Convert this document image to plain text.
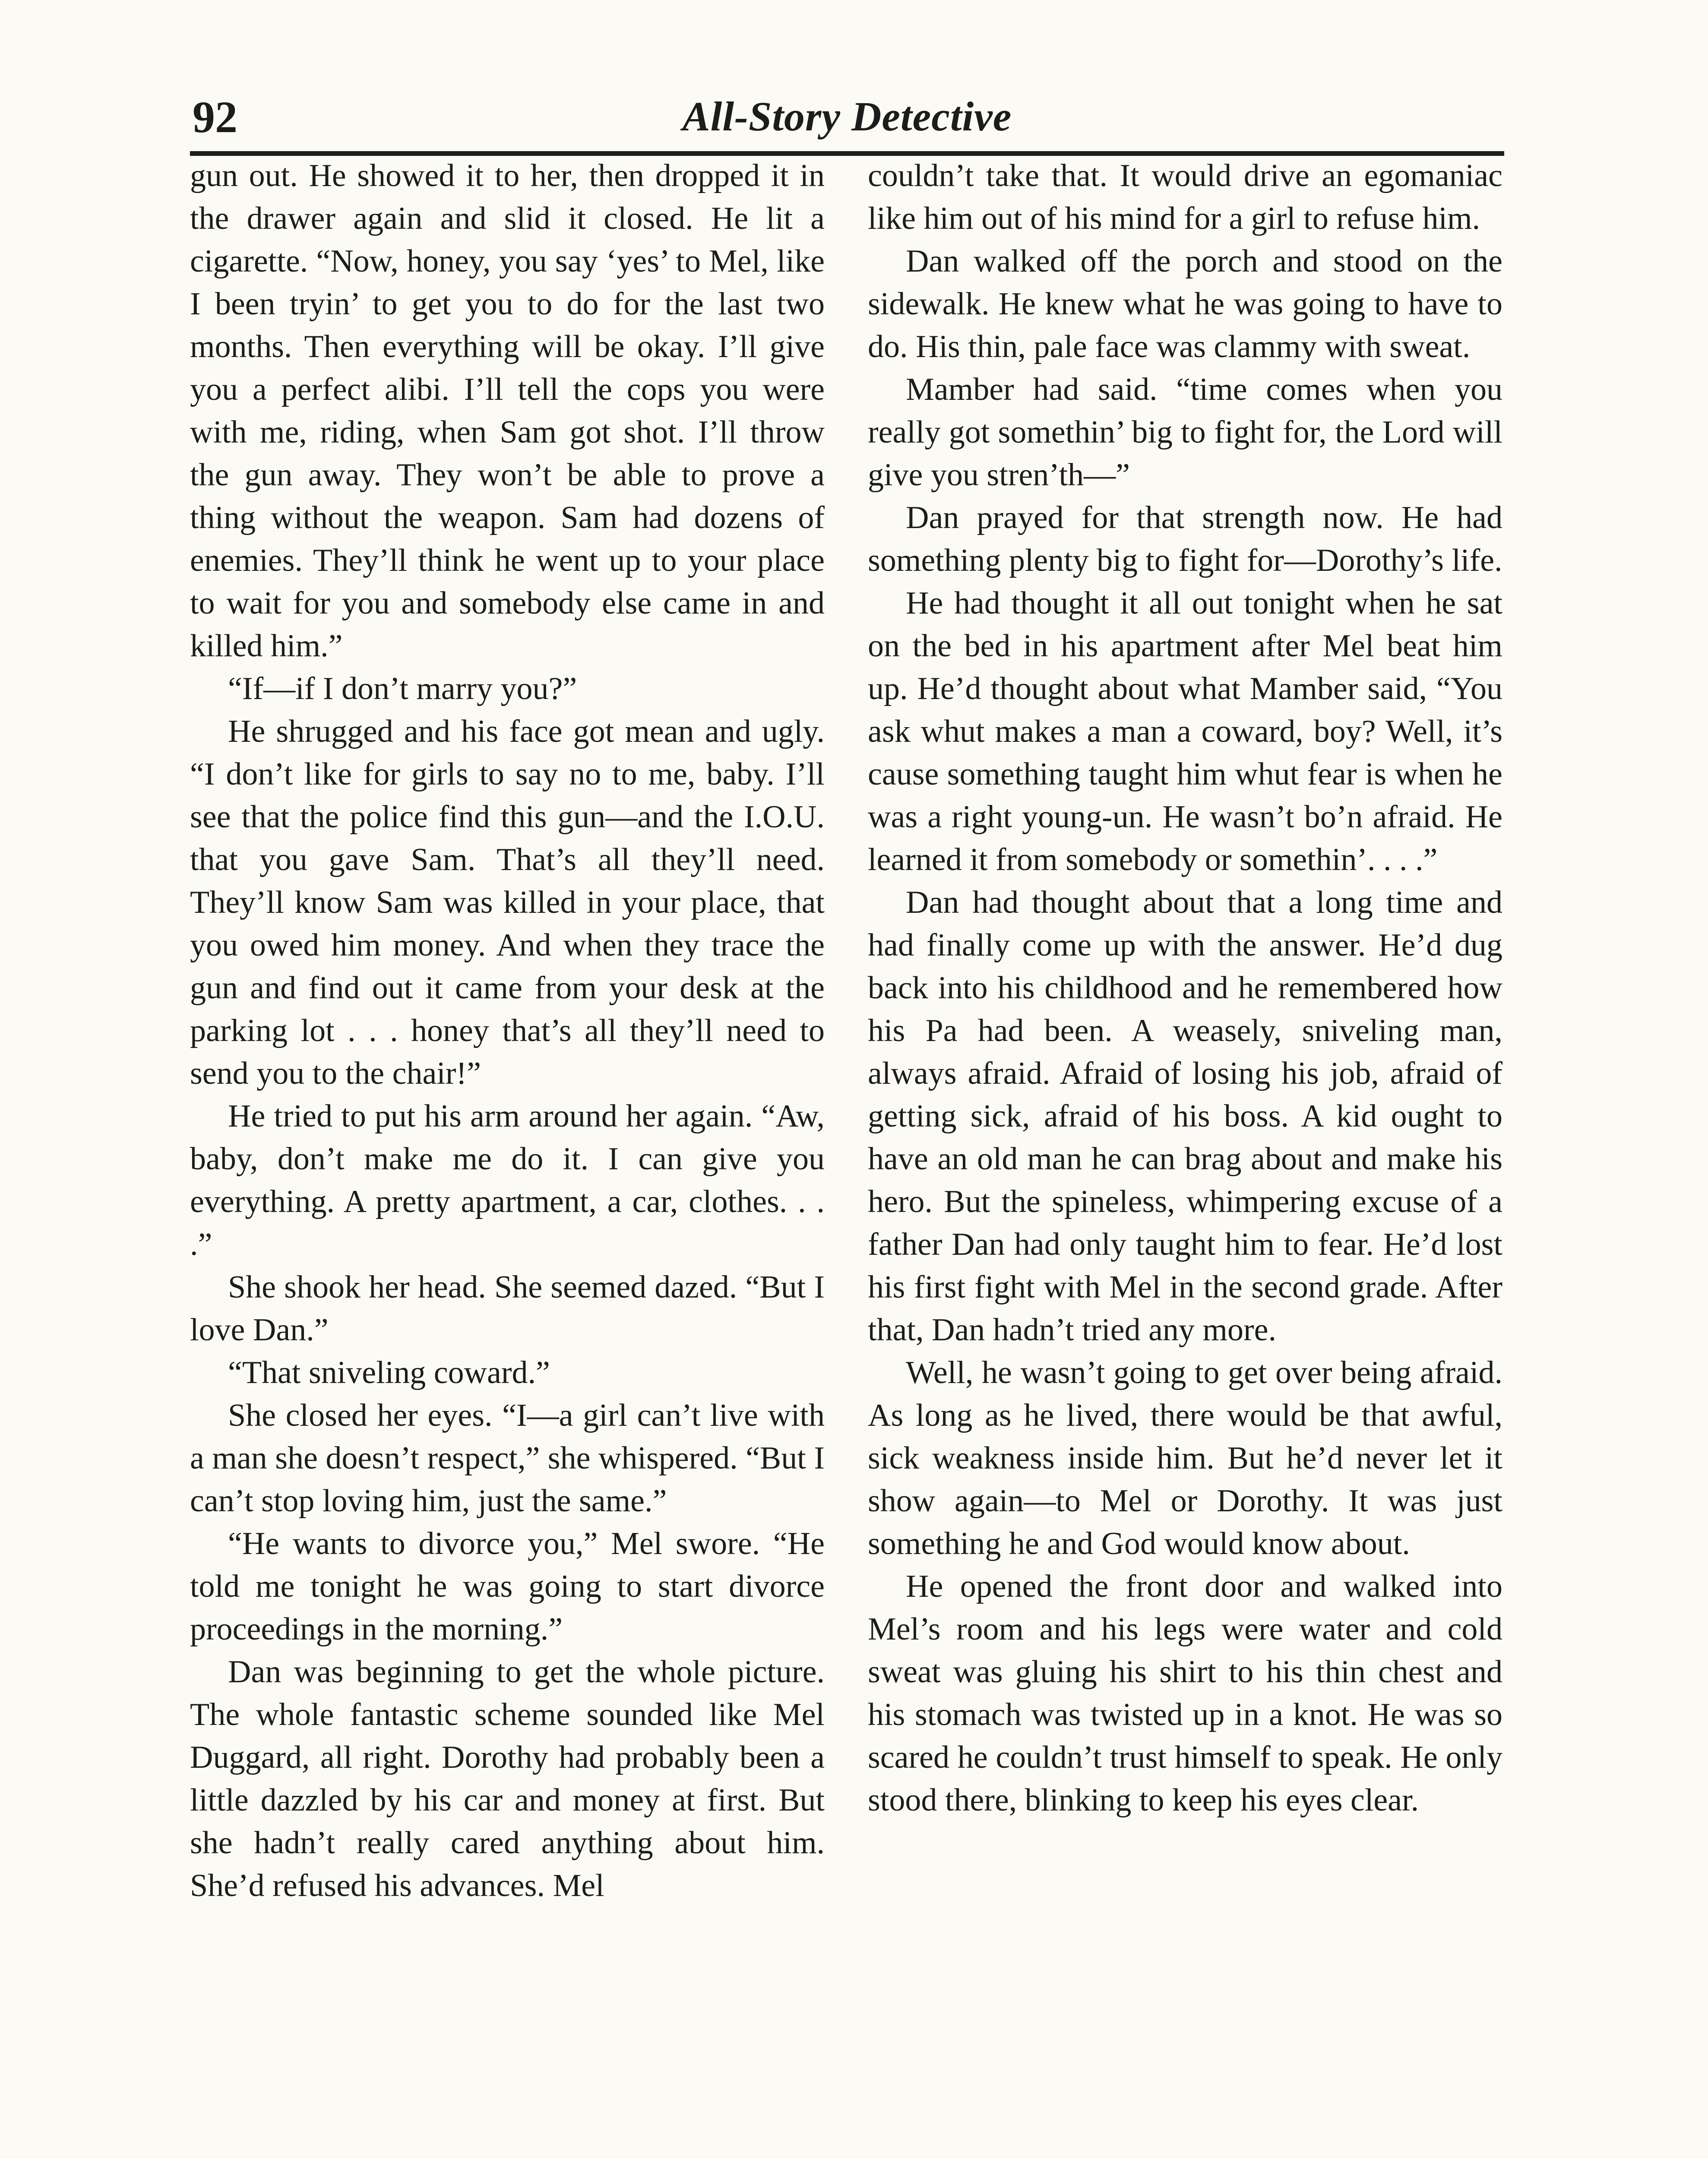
92	All-Story Detective

gun out. He showed it to her, then dropped it in the drawer again and slid it closed. He lit a cigarette. “Now, honey, you say ‘yes’ to Mel, like I been tryin’ to get you to do for the last two months. Then everything will be okay. I’ll give you a perfect alibi. I’ll tell the cops you were with me, riding, when Sam got shot. I’ll throw the gun away. They won’t be able to prove a thing without the weapon. Sam had dozens of enemies. They’ll think he went up to your place to wait for you and somebody else came in and killed him.”

“If—if I don’t marry you?”

He shrugged and his face got mean and ugly. “I don’t like for girls to say no to me, baby. I’ll see that the police find this gun—and the I.O.U. that you gave Sam. That’s all they’ll need. They’ll know Sam was killed in your place, that you owed him money. And when they trace the gun and find out it came from your desk at the parking lot . . . honey that’s all they’ll need to send you to the chair!”

He tried to put his arm around her again. “Aw, baby, don’t make me do it. I can give you everything. A pretty apartment, a car, clothes. . . .”

She shook her head. She seemed dazed. “But I love Dan.”

“That sniveling coward.”

She closed her eyes. “I—a girl can’t live with a man she doesn’t respect,” she whispered. “But I can’t stop loving him, just the same.”

“He wants to divorce you,” Mel swore. “He told me tonight he was going to start divorce proceedings in the morning.”

Dan was beginning to get the whole picture. The whole fantastic scheme sounded like Mel Duggard, all right. Dorothy had probably been a little dazzled by his car and money at first. But she hadn’t really cared anything about him. She’d refused his advances. Mel

couldn’t take that. It would drive an egomaniac like him out of his mind for a girl to refuse him.

Dan walked off the porch and stood on the sidewalk. He knew what he was going to have to do. His thin, pale face was clammy with sweat.

Mamber had said. “time comes when you really got somethin’ big to fight for, the Lord will give you stren’th—”

Dan prayed for that strength now. He had something plenty big to fight for—Dorothy’s life.

He had thought it all out tonight when he sat on the bed in his apartment after Mel beat him up. He’d thought about what Mamber said, “You ask whut makes a man a coward, boy? Well, it’s cause something taught him whut fear is when he was a right young-un. He wasn’t bo’n afraid. He learned it from somebody or somethin’. . . .”

Dan had thought about that a long time and had finally come up with the answer. He’d dug back into his childhood and he remembered how his Pa had been. A weasely, sniveling man, always afraid. Afraid of losing his job, afraid of getting sick, afraid of his boss. A kid ought to have an old man he can brag about and make his hero. But the spineless, whimpering excuse of a father Dan had only taught him to fear. He’d lost his first fight with Mel in the second grade. After that, Dan hadn’t tried any more.

Well, he wasn’t going to get over being afraid. As long as he lived, there would be that awful, sick weakness inside him. But he’d never let it show again—to Mel or Dorothy. It was just something he and God would know about.

He opened the front door and walked into Mel’s room and his legs were water and cold sweat was gluing his shirt to his thin chest and his stomach was twisted up in a knot. He was so scared he couldn’t trust himself to speak. He only stood there, blinking to keep his eyes clear.
